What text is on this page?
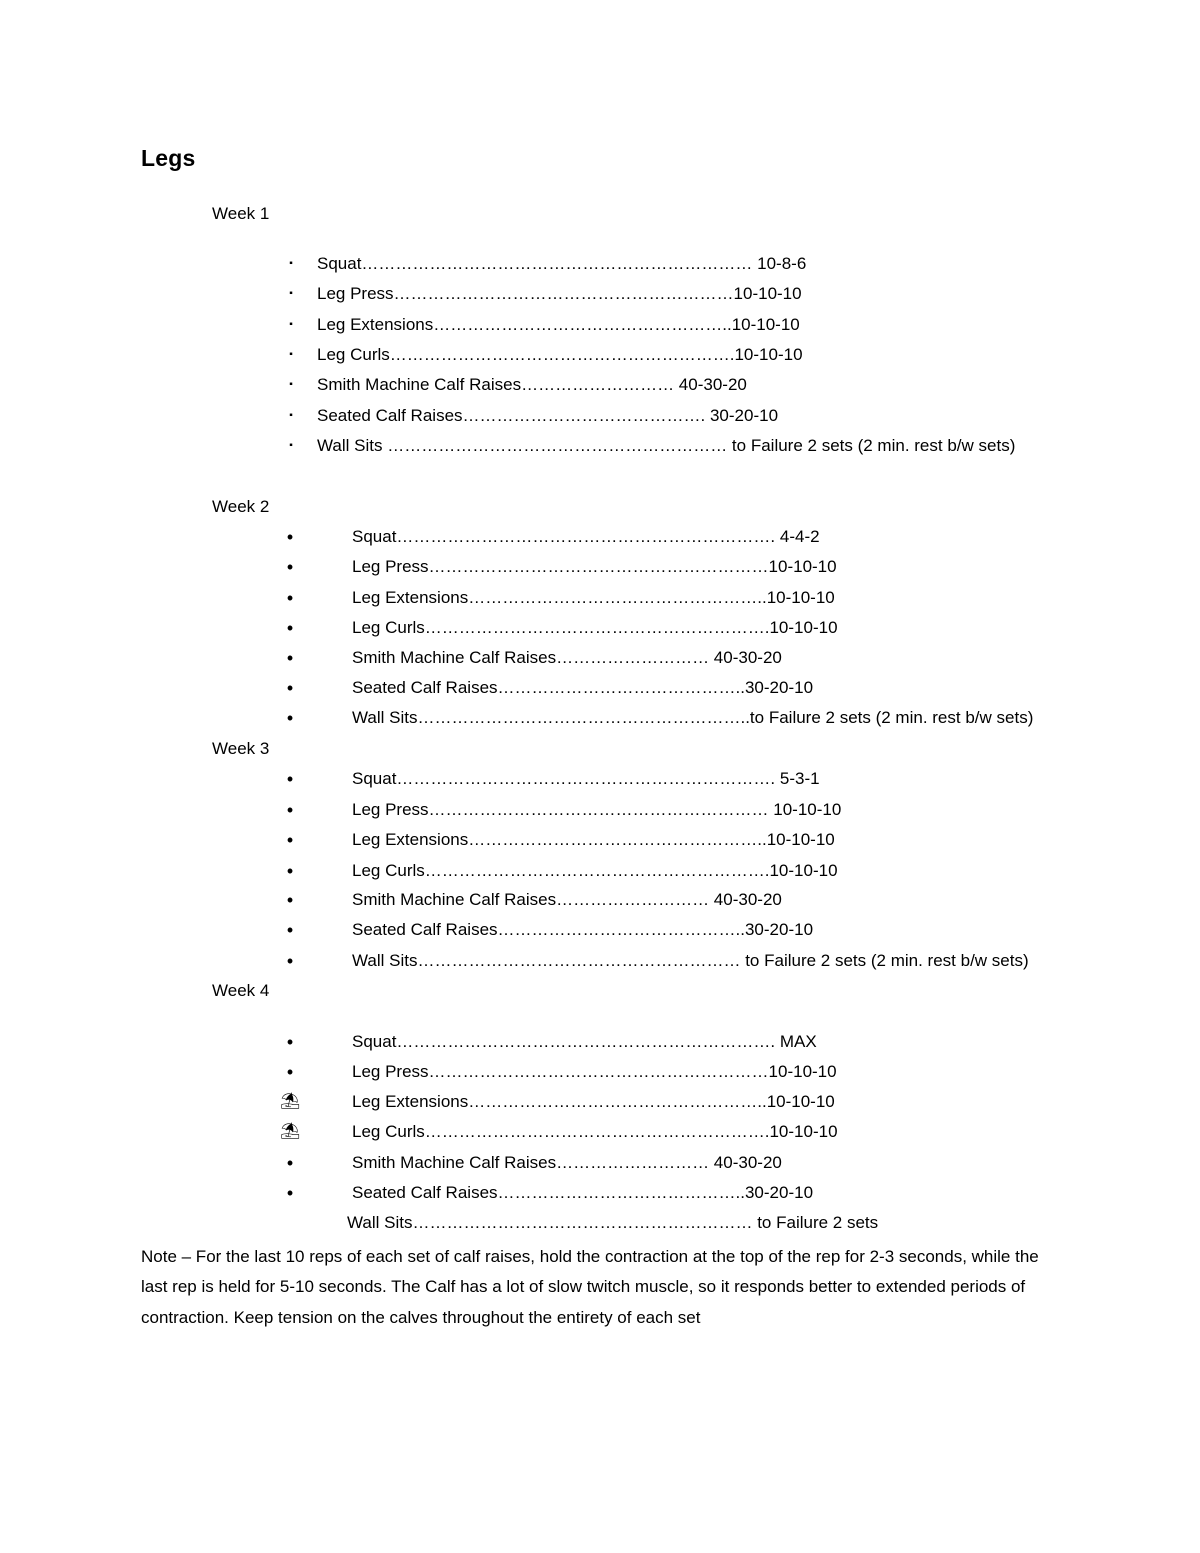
Legs
Week 1
▪	Squat…………………………………………………………… 10-8-6
▪	Leg Press……………………………………………………10-10-10
▪	Leg Extensions……………………………………………..10-10-10
▪	Leg Curls…………………………………………………….10-10-10
▪	Smith Machine Calf Raises……………………… 40-30-20
▪	Seated Calf Raises……………………………………. 30-20-10
▪	Wall Sits …………………………………………………… to Failure 2 sets (2 min. rest b/w sets)
Week 2
•	Squat…………………………………………………………. 4-4-2
•	Leg Press……………………………………………………10-10-10
•	Leg Extensions……………………………………………..10-10-10
•	Leg Curls…………………………………………………….10-10-10
•	Smith Machine Calf Raises……………………… 40-30-20
•	Seated Calf Raises……………………………………..30-20-10
•	Wall Sits…………………………………………………..to Failure 2 sets (2 min. rest b/w sets)
Week 3
•	Squat…………………………………………………………. 5-3-1
•	Leg Press…………………………………………………… 10-10-10
•	Leg Extensions……………………………………………..10-10-10
•	Leg Curls…………………………………………………….10-10-10
•	Smith Machine Calf Raises……………………… 40-30-20
•	Seated Calf Raises……………………………………..30-20-10
•	Wall Sits………………………………………………… to Failure 2 sets (2 min. rest b/w sets)
Week 4
•	Squat…………………………………………………………. MAX
•	Leg Press……………………………………………………10-10-10
⛱	Leg Extensions……………………………………………..10-10-10
⛱	Leg Curls…………………………………………………….10-10-10
•	Smith Machine Calf Raises……………………… 40-30-20
•	Seated Calf Raises……………………………………..30-20-10
Wall Sits…………………………………………………… to Failure 2 sets
Note – For the last 10 reps of each set of calf raises, hold the contraction at the top of the rep for 2-3 seconds, while the last rep is held for 5-10 seconds. The Calf has a lot of slow twitch muscle, so it responds better to extended periods of contraction. Keep tension on the calves throughout the entirety of each set
